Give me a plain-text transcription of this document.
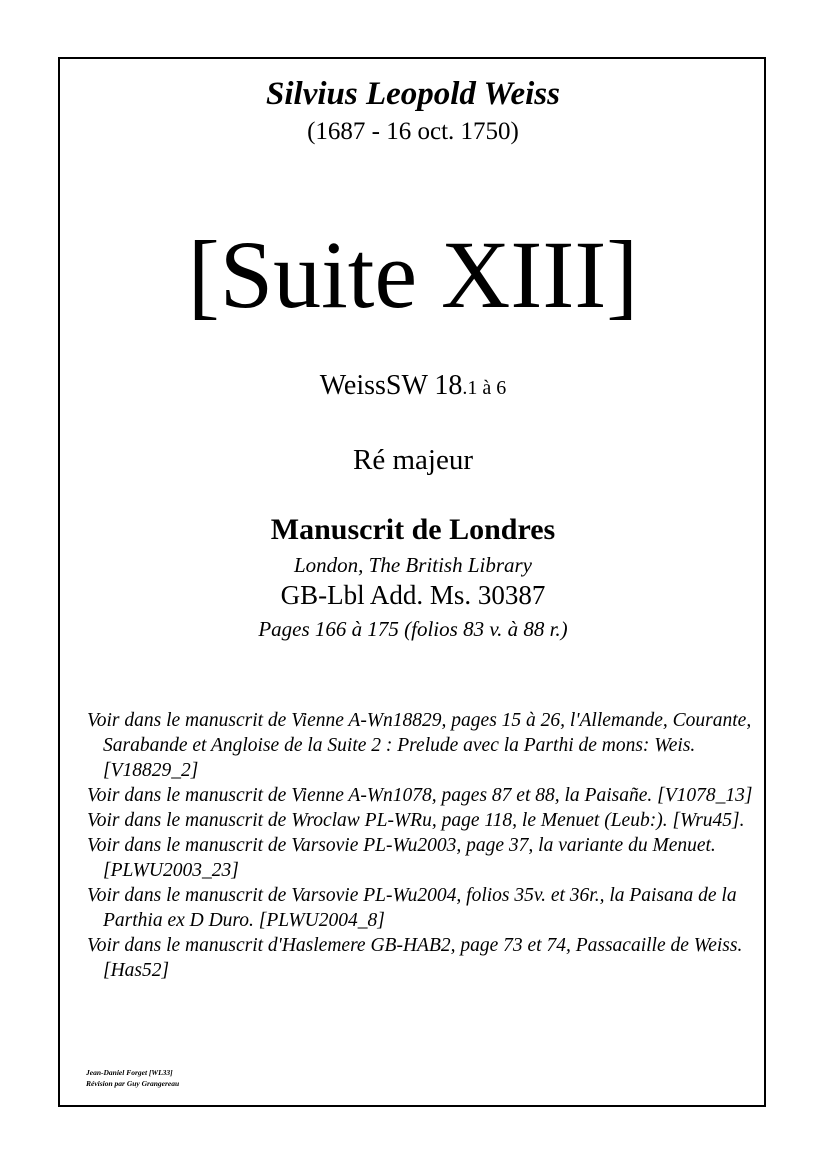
Silvius Leopold Weiss
(1687 - 16 oct. 1750)
[Suite XIII]
WeissSW 18.1 à 6
Ré majeur
Manuscrit de Londres
London, The British Library
GB-Lbl Add. Ms. 30387
Pages 166 à 175 (folios 83 v. à 88 r.)

Voir dans le manuscrit de Vienne A-Wn18829, pages 15 à 26, l'Allemande, Courante, Sarabande et Angloise de la Suite 2 : Prelude avec la Parthi de mons: Weis. [V18829_2]

Voir dans le manuscrit de Vienne A-Wn1078, pages 87 et 88, la Paisañe. [V1078_13]

Voir dans le manuscrit de Wroclaw PL-WRu, page 118, le Menuet (Leub:). [Wru45].

Voir dans le manuscrit de Varsovie PL-Wu2003, page 37, la variante du Menuet. [PLWU2003_23]

Voir dans le manuscrit de Varsovie PL-Wu2004, folios 35v. et 36r., la Paisana de la Parthia ex D Duro. [PLWU2004_8]

Voir dans le manuscrit d'Haslemere GB-HAB2, page 73 et 74, Passacaille de Weiss. [Has52]

Jean-Daniel Forget [WL33]
Révision par Guy Grangereau
